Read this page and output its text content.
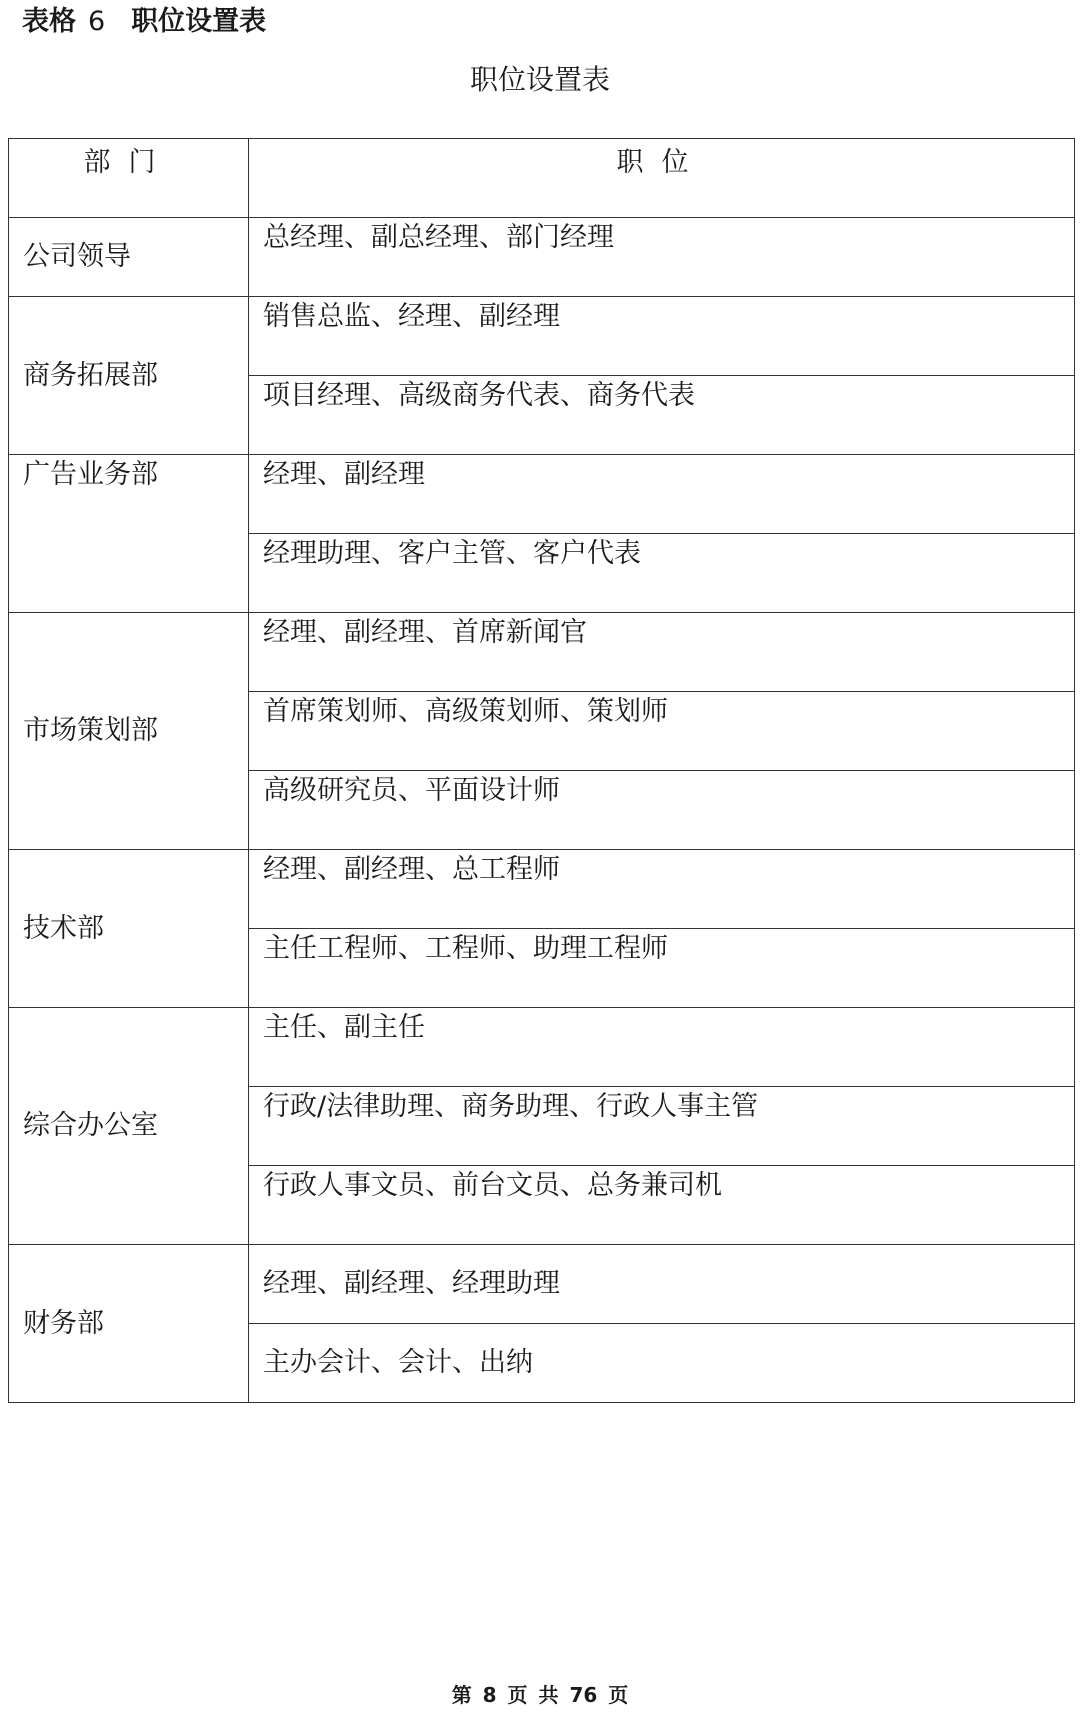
表格 6 职位设置表
职位设置表
部门	职位
公司领导	总经理、副总经理、部门经理
商务拓展部	销售总监、经理、副经理
	项目经理、高级商务代表、商务代表
广告业务部	经理、副经理
	经理助理、客户主管、客户代表
市场策划部	经理、副经理、首席新闻官
	首席策划师、高级策划师、策划师
	高级研究员、平面设计师
技术部	经理、副经理、总工程师
	主任工程师、工程师、助理工程师
综合办公室	主任、副主任
	行政/法律助理、商务助理、行政人事主管
	行政人事文员、前台文员、总务兼司机
财务部	经理、副经理、经理助理
	主办会计、会计、出纳
第 8 页 共 76 页
